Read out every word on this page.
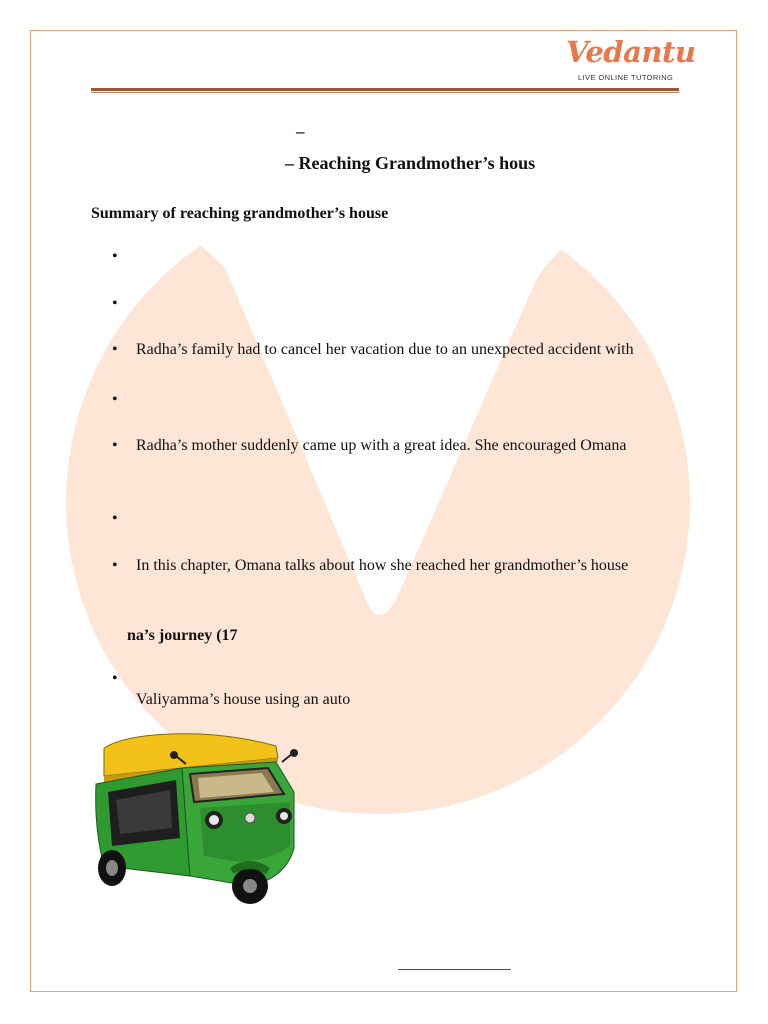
Vedantu
LIVE ONLINE TUTORING
–
– Reaching Grandmother’s hous
Summary of reaching grandmother’s house
•
•
• Radha’s family had to cancel her vacation due to an unexpected accident with
•
• Radha’s mother suddenly came up with a great idea. She encouraged Omana
•
• In this chapter, Omana talks about how she reached her grandmother’s house
na’s journey (17
•
Valiyamma’s house using an auto
